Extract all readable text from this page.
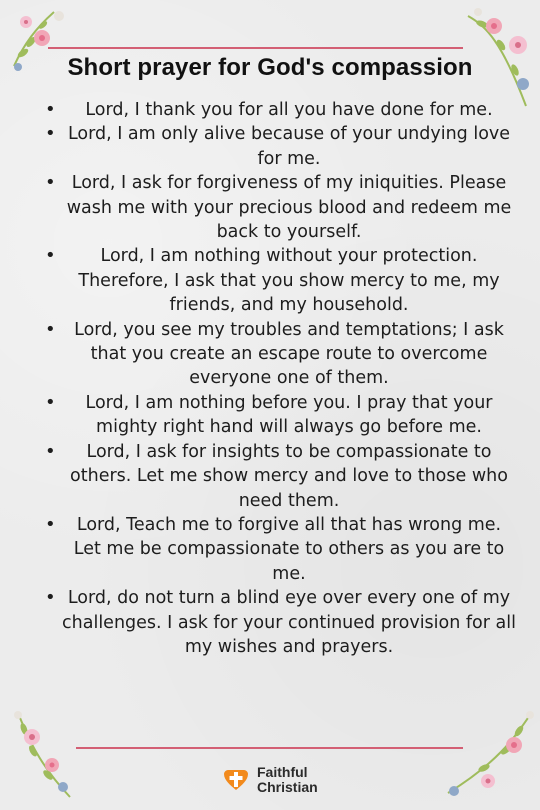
Short prayer for God's compassion
• Lord, I thank you for all you have done for me.
• Lord, I am only alive because of your undying love for me.
• Lord, I ask for forgiveness of my iniquities. Please wash me with your precious blood and redeem me back to yourself.
•	Lord, I am nothing without your protection. Therefore, I ask that you show mercy to me, my friends, and my household.
• Lord, you see my troubles and temptations; I ask that you create an escape route to overcome everyone one of them.
• Lord, I am nothing before you. I pray that your mighty right hand will always go before me.
• Lord, I ask for insights to be compassionate to others. Let me show mercy and love to those who need them.
• Lord, Teach me to forgive all that has wrong me. Let me be compassionate to others as you are to me.
• Lord, do not turn a blind eye over every one of my challenges. I ask for your continued provision for all my wishes and prayers.
Faithful
Christian
